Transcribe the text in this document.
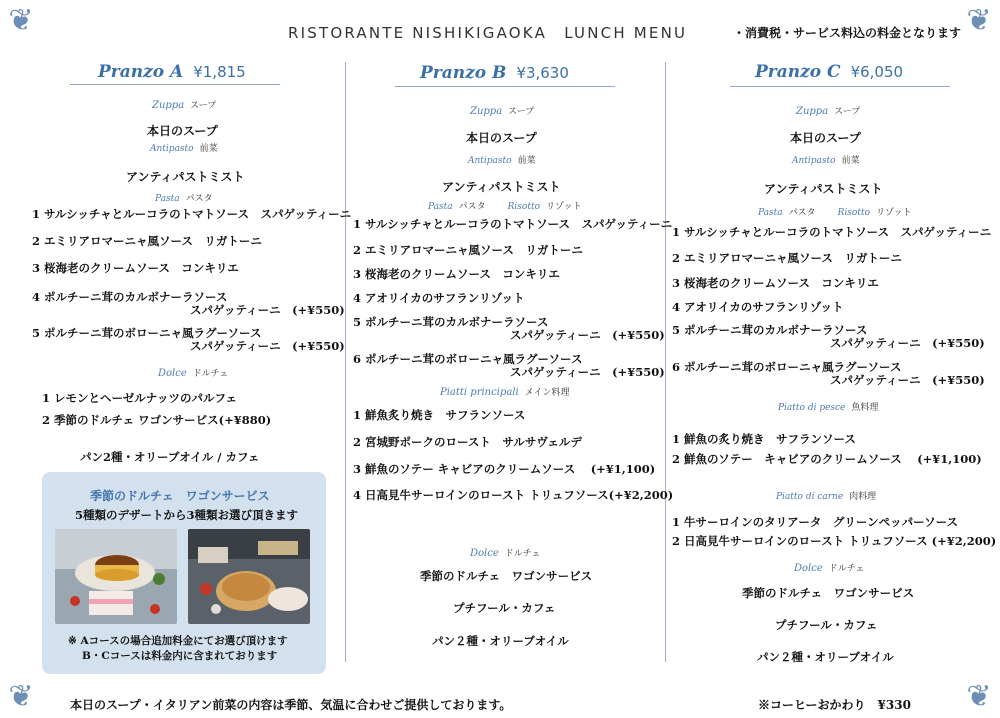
❦	❦
❦	❦
RISTORANTE NISHIKIGAOKA　LUNCH MENU	・消費税・サービス料込の料金となります
Pranzo A ¥1,815
Zuppa スープ
本日のスープ
Antipasto 前菜
アンティパストミスト
Pasta パスタ
1 サルシッチャとルーコラのトマトソース　スパゲッティーニ
2 エミリアロマーニャ風ソース　リガトーニ
3 桜海老のクリームソース　コンキリエ
4 ポルチーニ茸のカルボナーラソース
スパゲッティーニ　(+¥550)
5 ポルチーニ茸のボローニャ風ラグーソース
スパゲッティーニ　(+¥550)
Dolce ドルチェ
1 レモンとヘーゼルナッツのパルフェ
2 季節のドルチェ ワゴンサービス(+¥880)
パン2種・オリーブオイル / カフェ
季節のドルチェ　ワゴンサービス
5種類のデザートから3種類お選び頂きます
※ Aコースの場合追加料金にてお選び頂けます
B・Cコースは料金内に含まれております
Pranzo B ¥3,630
Zuppa スープ
本日のスープ
Antipasto 前菜
アンティパストミスト
Pasta パスタ Risotto リゾット
1 サルシッチャとルーコラのトマトソース　スパゲッティーニ
2 エミリアロマーニャ風ソース　リガトーニ
3 桜海老のクリームソース　コンキリエ
4 アオリイカのサフランリゾット
5 ポルチーニ茸のカルボナーラソース
スパゲッティーニ　(+¥550)
6 ポルチーニ茸のボローニャ風ラグーソース
スパゲッティーニ　(+¥550)
Piatti principali メイン料理
1 鮮魚炙り焼き　サフランソース
2 宮城野ポークのロースト　サルサヴェルデ
3 鮮魚のソテー キャビアのクリームソース　 (+¥1,100)
4 日高見牛サーロインのロースト トリュフソース(+¥2,200)
Dolce ドルチェ
季節のドルチェ　ワゴンサービス
プチフール・カフェ
パン２種・オリーブオイル
Pranzo C ¥6,050
Zuppa スープ
本日のスープ
Antipasto 前菜
アンティパストミスト
Pasta パスタ Risotto リゾット
1 サルシッチャとルーコラのトマトソース　スパゲッティーニ
2 エミリアロマーニャ風ソース　リガトーニ
3 桜海老のクリームソース　コンキリエ
4 アオリイカのサフランリゾット
5 ポルチーニ茸のカルボナーラソース
スパゲッティーニ　(+¥550)
6 ポルチーニ茸のボローニャ風ラグーソース
スパゲッティーニ　(+¥550)
Piatto di pesce 魚料理
1 鮮魚の炙り焼き　サフランソース
2 鮮魚のソテー　キャビアのクリームソース　 (+¥1,100)
Piatto di carne 肉料理
1 牛サーロインのタリアータ　グリーンペッパーソース
2 日高見牛サーロインのロースト トリュフソース (+¥2,200)
Dolce ドルチェ
季節のドルチェ　ワゴンサービス
プチフール・カフェ
パン２種・オリーブオイル
本日のスープ・イタリアン前菜の内容は季節、気温に合わせご提供しております。	※コーヒーおかわり　¥330
